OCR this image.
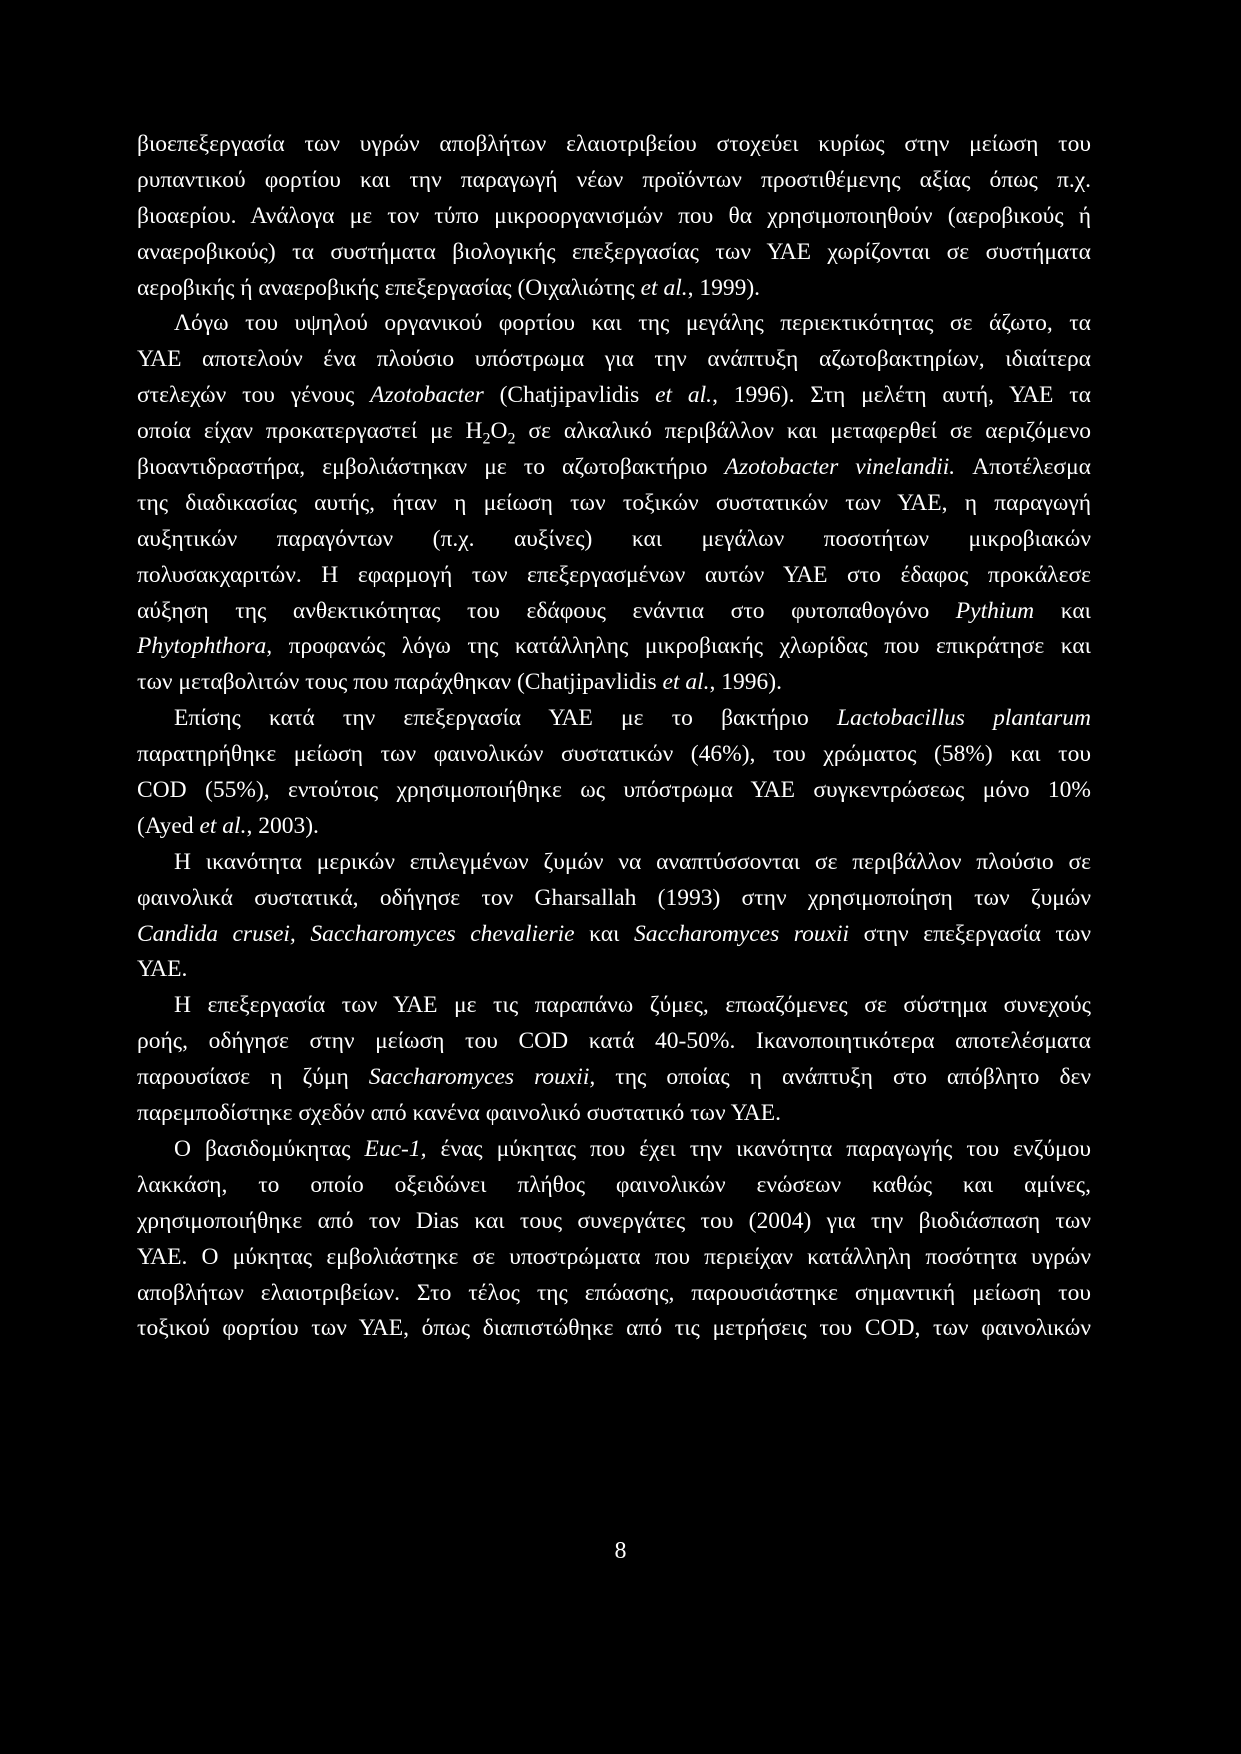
βιοεπεξεργασία των υγρών αποβλήτων ελαιοτριβείου στοχεύει κυρίως στην μείωση του
ρυπαντικού φορτίου και την παραγωγή νέων προϊόντων προστιθέμενης αξίας όπως π.χ.
βιοαερίου. Ανάλογα με τον τύπο μικροοργανισμών που θα χρησιμοποιηθούν (αεροβικούς ή
αναεροβικούς) τα συστήματα βιολογικής επεξεργασίας των ΥΑΕ χωρίζονται σε συστήματα
αεροβικής ή αναεροβικής επεξεργασίας (Οιχαλιώτης et al., 1999).
Λόγω του υψηλού οργανικού φορτίου και της μεγάλης περιεκτικότητας σε άζωτο, τα
ΥΑΕ αποτελούν ένα πλούσιο υπόστρωμα για την ανάπτυξη αζωτοβακτηρίων, ιδιαίτερα
στελεχών του γένους Azotobacter (Chatjipavlidis et al., 1996). Στη μελέτη αυτή, ΥΑΕ τα
οποία είχαν προκατεργαστεί με $H_2O_2$ σε αλκαλικό περιβάλλον και μεταφερθεί σε αεριζόμενο
βιοαντιδραστήρα, εμβολιάστηκαν με το αζωτοβακτήριο Azotobacter vinelandii. Αποτέλεσμα
της διαδικασίας αυτής, ήταν η μείωση των τοξικών συστατικών των ΥΑΕ, η παραγωγή
αυξητικών παραγόντων (π.χ. αυξίνες) και μεγάλων ποσοτήτων μικροβιακών
πολυσακχαριτών. Η εφαρμογή των επεξεργασμένων αυτών ΥΑΕ στο έδαφος προκάλεσε
αύξηση της ανθεκτικότητας του εδάφους ενάντια στο φυτοπαθογόνο Pythium και
Phytophthora, προφανώς λόγω της κατάλληλης μικροβιακής χλωρίδας που επικράτησε και
των μεταβολιτών τους που παράχθηκαν (Chatjipavlidis et al., 1996).
Επίσης κατά την επεξεργασία ΥΑΕ με το βακτήριο Lactobacillus plantarum
παρατηρήθηκε μείωση των φαινολικών συστατικών (46%), του χρώματος (58%) και του
COD (55%), εντούτοις χρησιμοποιήθηκε ως υπόστρωμα ΥΑΕ συγκεντρώσεως μόνο 10%
(Ayed et al., 2003).
Η ικανότητα μερικών επιλεγμένων ζυμών να αναπτύσσονται σε περιβάλλον πλούσιο σε
φαινολικά συστατικά, οδήγησε τον Gharsallah (1993) στην χρησιμοποίηση των ζυμών
Candida crusei, Saccharomyces chevalierie και Saccharomyces rouxii στην επεξεργασία των
ΥΑΕ.
Η επεξεργασία των ΥΑΕ με τις παραπάνω ζύμες, επωαζόμενες σε σύστημα συνεχούς
ροής, οδήγησε στην μείωση του COD κατά 40-50%. Ικανοποιητικότερα αποτελέσματα
παρουσίασε η ζύμη Saccharomyces rouxii, της οποίας η ανάπτυξη στο απόβλητο δεν
παρεμποδίστηκε σχεδόν από κανένα φαινολικό συστατικό των ΥΑΕ.
Ο βασιδομύκητας Euc-1, ένας μύκητας που έχει την ικανότητα παραγωγής του ενζύμου
λακκάση, το οποίο οξειδώνει πλήθος φαινολικών ενώσεων καθώς και αμίνες,
χρησιμοποιήθηκε από τον Dias και τους συνεργάτες του (2004) για την βιοδιάσπαση των
ΥΑΕ. Ο μύκητας εμβολιάστηκε σε υποστρώματα που περιείχαν κατάλληλη ποσότητα υγρών
αποβλήτων ελαιοτριβείων. Στο τέλος της επώασης, παρουσιάστηκε σημαντική μείωση του
τοξικού φορτίου των ΥΑΕ, όπως διαπιστώθηκε από τις μετρήσεις του COD, των φαινολικών
8
